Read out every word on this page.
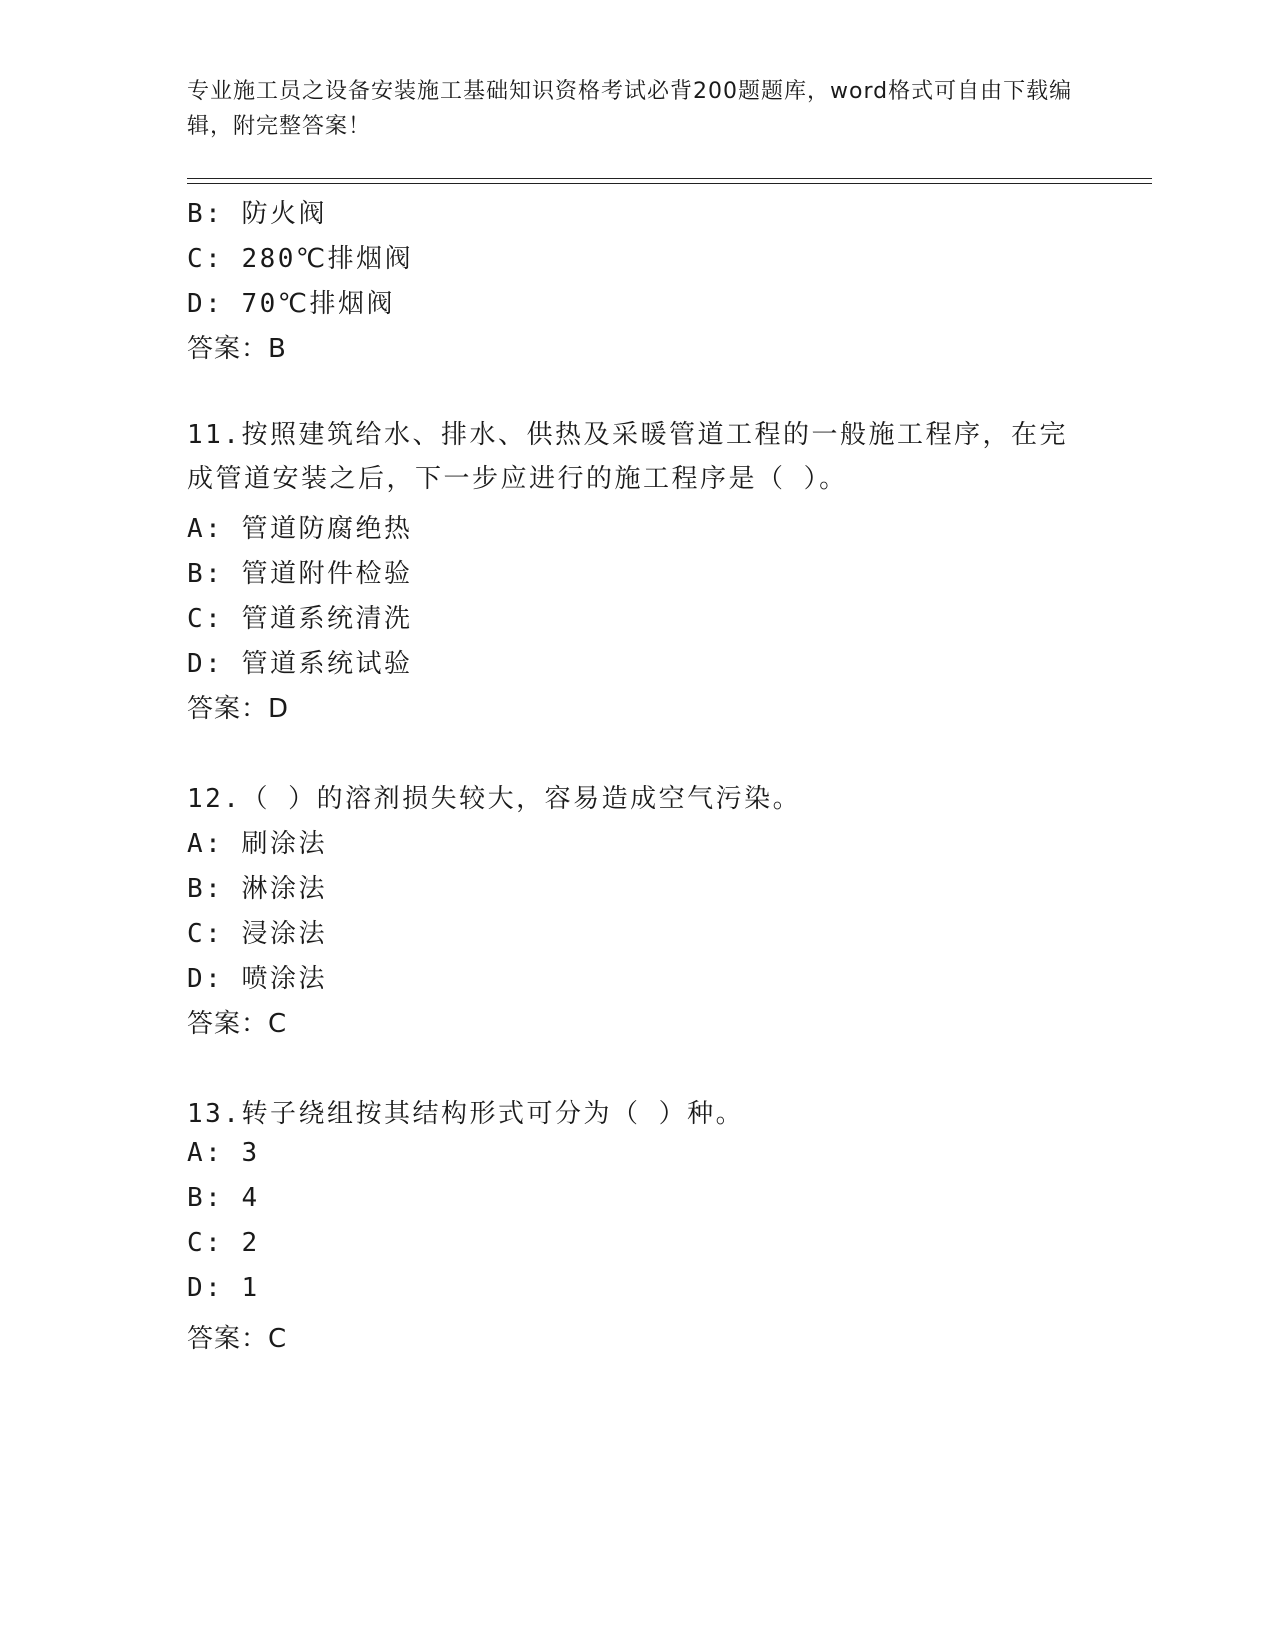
专业施工员之设备安装施工基础知识资格考试必背200题题库，word格式可自由下载编辑，附完整答案！
B: 防火阀
C: 280℃排烟阀
D: 70℃排烟阀
答案：B
11.按照建筑给水、排水、供热及采暖管道工程的一般施工程序，在完成管道安装之后，下一步应进行的施工程序是（ ）。
A: 管道防腐绝热
B: 管道附件检验
C: 管道系统清洗
D: 管道系统试验
答案：D
12.（ ）的溶剂损失较大，容易造成空气污染。
A: 刷涂法
B: 淋涂法
C: 浸涂法
D: 喷涂法
答案：C
13.转子绕组按其结构形式可分为（ ）种。
A: 3
B: 4
C: 2
D: 1
答案：C
